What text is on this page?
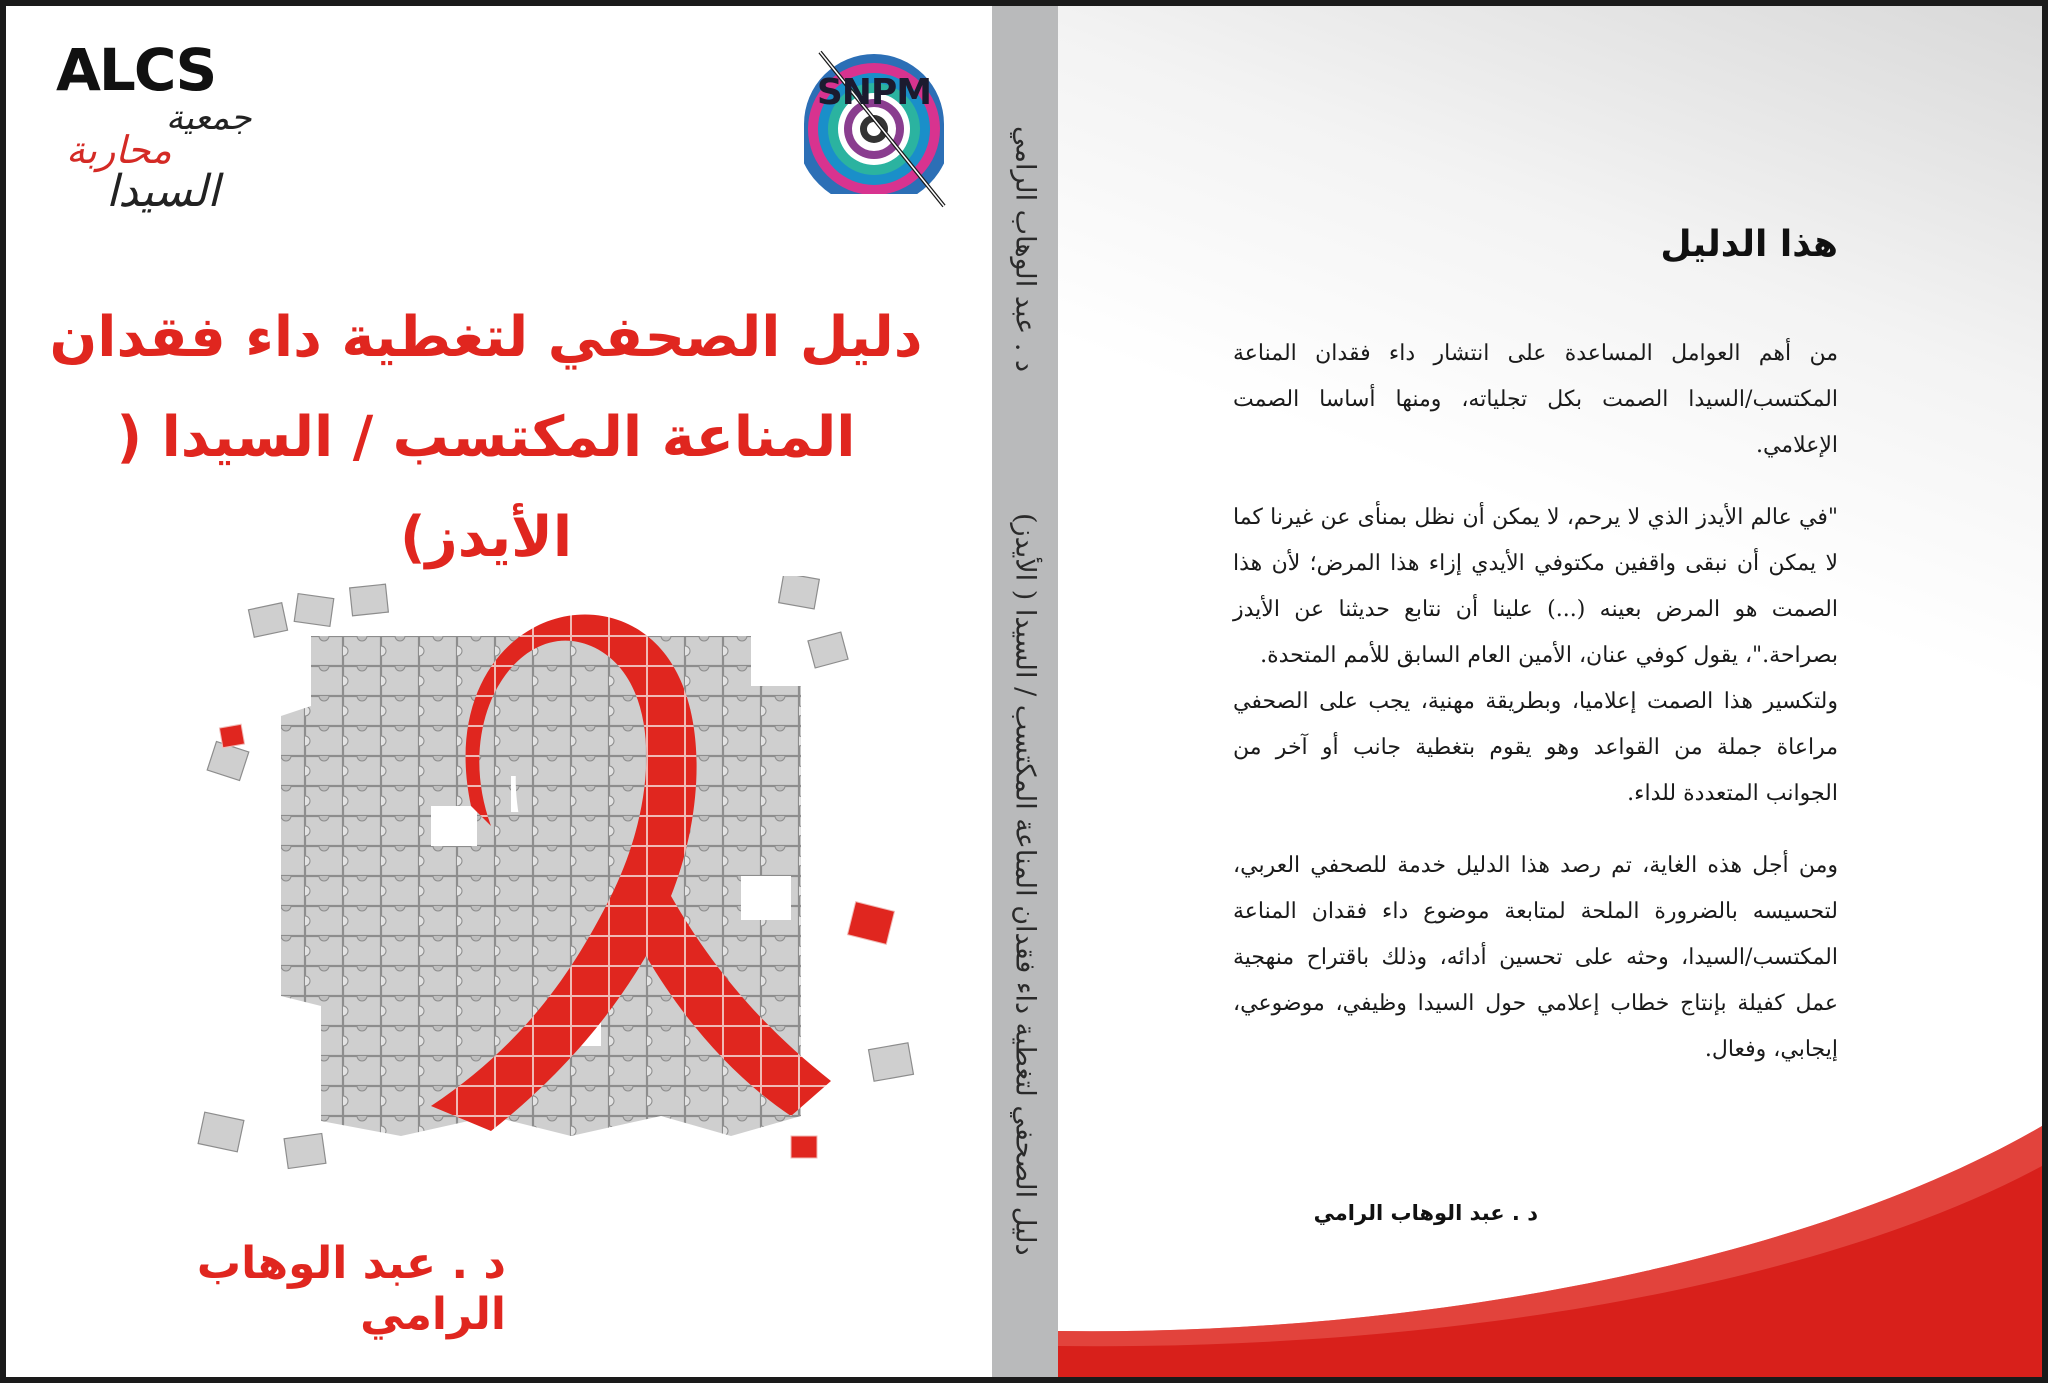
ALCS
جمعية
محاربة
السيدا
SNPM
دليل الصحفي لتغطية داء فقدان
المناعة المكتسب / السيدا ( الأيدز)
د . عبد الوهاب الرامي
دليل الصحفي لتغطية داء فقدان المناعة المكتسب / السيدا ( الأيدز)
د . عبد الوهاب الرامي	هذا الدليل

من أهم العوامل المساعدة على انتشار داء فقدان المناعة المكتسب/السيدا الصمت بكل تجلياته، ومنها أساسا الصمت الإعلامي.

"في عالم الأيدز الذي لا يرحم، لا يمكن أن نظل بمنأى عن غيرنا كما لا يمكن أن نبقى واقفين مكتوفي الأيدي إزاء هذا المرض؛ لأن هذا الصمت هو المرض بعينه (...) علينا أن نتابع حديثنا عن الأيدز بصراحة."، يقول كوفي عنان، الأمين العام السابق للأمم المتحدة.

ولتكسير هذا الصمت إعلاميا، وبطريقة مهنية، يجب على الصحفي مراعاة جملة من القواعد وهو يقوم بتغطية جانب أو آخر من الجوانب المتعددة للداء.

ومن أجل هذه الغاية، تم رصد هذا الدليل خدمة للصحفي العربي، لتحسيسه بالضرورة الملحة لمتابعة موضوع داء فقدان المناعة المكتسب/السيدا، وحثه على تحسين أدائه، وذلك باقتراح منهجية عمل كفيلة بإنتاج خطاب إعلامي حول السيدا وظيفي، موضوعي، إيجابي، وفعال.

د . عبد الوهاب الرامي
